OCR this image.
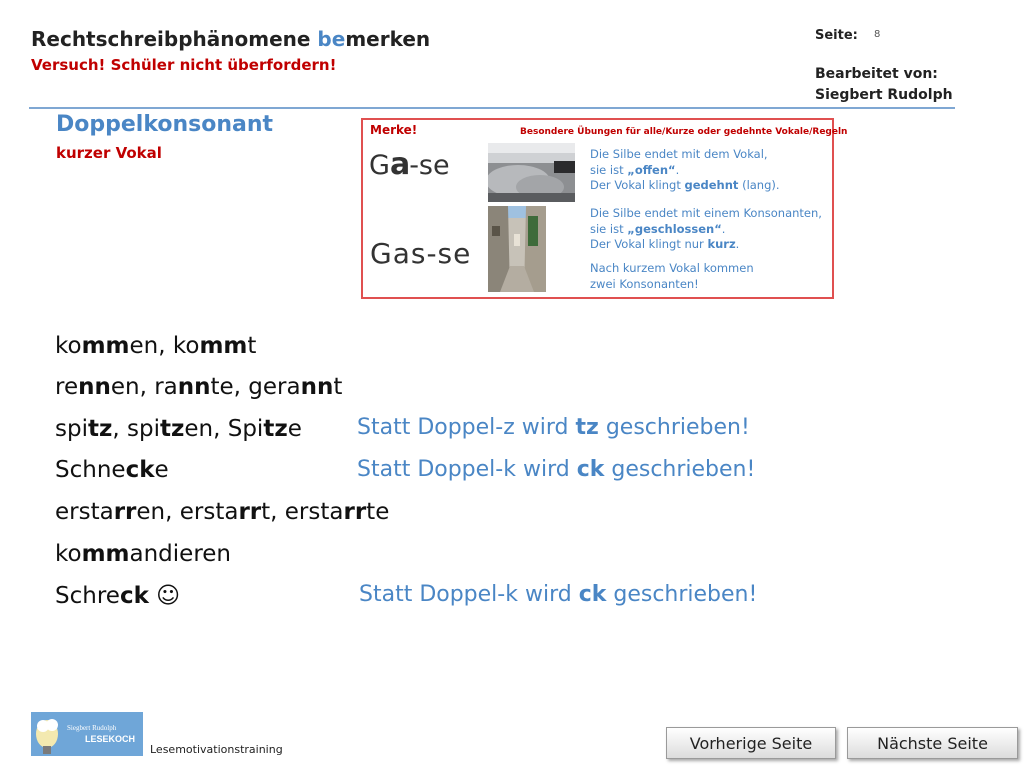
Rechtschreibphänomene bemerken
Versuch! Schüler nicht überfordern!
Seite: 8
Bearbeitet von:
Siegbert Rudolph
Doppelkonsonant
kurzer Vokal
Merke!	Besondere Übungen für alle/Kurze oder gedehnte Vokale/Regeln
Ga-se
Gas-se
Die Silbe endet mit dem Vokal,
sie ist „offen“.
Der Vokal klingt gedehnt (lang).
Die Silbe endet mit einem Konsonanten,
sie ist „geschlossen“.
Der Vokal klingt nur kurz.
Nach kurzem Vokal kommen
zwei Konsonanten!
kommen, kommt
rennen, rannte, gerannt
spitz, spitzen, Spitze
Schnecke
erstarren, erstarrt, erstarrte
kommandieren
Schreck ☺
Statt Doppel-z wird tz geschrieben!
Statt Doppel-k wird ck geschrieben!
Statt Doppel-k wird ck geschrieben!
Siegbert Rudolph
LESEKOCH
Lesemotivationstraining	Vorherige Seite	Nächste Seite
